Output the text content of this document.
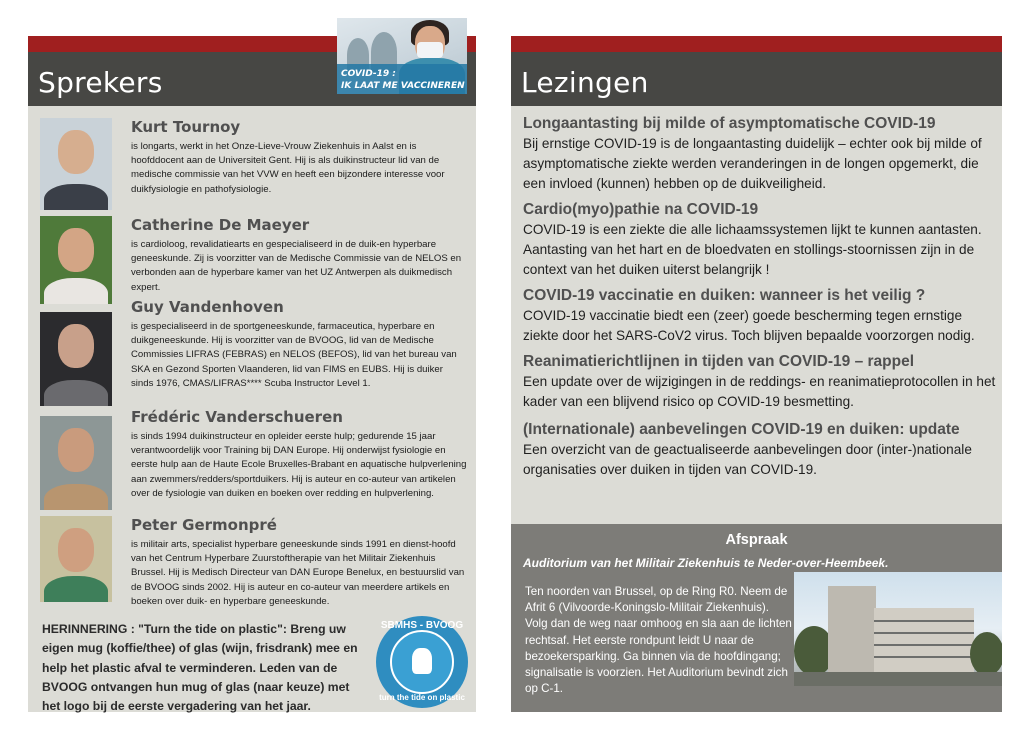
Sprekers	COVID-19 :
IK LAAT ME VACCINEREN
Kurt Tournoy
is longarts, werkt in het Onze-Lieve-Vrouw Ziekenhuis in Aalst en is hoofddocent aan de Universiteit Gent. Hij is als duikinstructeur lid van de medische commissie van het VVW en heeft een bijzondere interesse voor duikfysiologie en pathofysiologie.
Catherine De Maeyer
is cardioloog, revalidatiearts en gespecialiseerd in de duik-en hyperbare geneeskunde. Zij is voorzitter van de Medische Commissie van de NELOS en verbonden aan de hyperbare kamer van het UZ Antwerpen als duikmedisch expert.
Guy Vandenhoven
is gespecialiseerd in de sportgeneeskunde, farmaceutica, hyperbare en duikgeneeskunde. Hij is voorzitter van de BVOOG, lid van de Medische Commissies LIFRAS (FEBRAS) en NELOS (BEFOS), lid van het bureau van SKA en Gezond Sporten Vlaanderen, lid van FIMS en EUBS. Hij is duiker sinds 1976, CMAS/LIFRAS**** Scuba Instructor Level 1.
Frédéric Vanderschueren
is sinds 1994 duikinstructeur en opleider eerste hulp; gedurende 15 jaar verantwoordelijk voor Training bij DAN Europe. Hij onderwijst fysiologie en eerste hulp aan de Haute Ecole Bruxelles-Brabant en aquatische hulpverlening aan zwemmers/redders/sportduikers. Hij is auteur en co-auteur van artikelen over de fysiologie van duiken en boeken over redding en hulpverlening.
Peter Germonpré
is militair arts, specialist hyperbare geneeskunde sinds 1991 en dienst-hoofd van het Centrum Hyperbare Zuurstoftherapie van het Militair Ziekenhuis Brussel. Hij is Medisch Directeur van DAN Europe Benelux, en bestuurslid van de BVOOG sinds 2002. Hij is auteur en co-auteur van meerdere artikels en boeken over duik- en hyperbare geneeskunde.
HERINNERING : "Turn the tide on plastic": Breng uw eigen mug (koffie/thee) of glas (wijn, frisdrank) mee en help het plastic afval te verminderen. Leden van de BVOOG ontvangen hun mug of glas (naar keuze) met het logo bij de eerste vergadering van het jaar.
SBMHS - BVOOG
turn the tide on plastic
Lezingen
Longaantasting bij milde of asymptomatische COVID-19
Bij ernstige COVID-19 is de longaantasting duidelijk – echter ook bij milde of asymptomatische ziekte werden veranderingen in de longen opgemerkt, die een invloed (kunnen) hebben op de duikveiligheid.
Cardio(myo)pathie na COVID-19
COVID-19 is een ziekte die alle lichaamssystemen lijkt te kunnen aantasten. Aantasting van het hart en de bloedvaten en stollings-stoornissen zijn in de context van het duiken uiterst belangrijk !
COVID-19 vaccinatie en duiken: wanneer is het veilig ?
COVID-19 vaccinatie biedt een (zeer) goede bescherming tegen ernstige ziekte door het SARS-CoV2 virus. Toch blijven bepaalde voorzorgen nodig.
Reanimatierichtlijnen in tijden van COVID-19 – rappel
Een update over de wijzigingen in de reddings- en reanimatieprotocollen in het kader van een blijvend risico op COVID-19 besmetting.
(Internationale) aanbevelingen COVID-19 en duiken: update
Een overzicht van de geactualiseerde aanbevelingen door (inter-)nationale organisaties over duiken in tijden van COVID-19.
Afspraak
Auditorium van het Militair Ziekenhuis te Neder-over-Heembeek.
Ten noorden van Brussel, op de Ring R0. Neem de Afrit 6 (Vilvoorde-Koningslo-Militair Ziekenhuis). Volg dan de weg naar omhoog en sla aan de lichten rechtsaf. Het eerste rondpunt leidt U naar de bezoekersparking. Ga binnen via de hoofdingang; signalisatie is voorzien. Het Auditorium bevindt zich op C-1.
